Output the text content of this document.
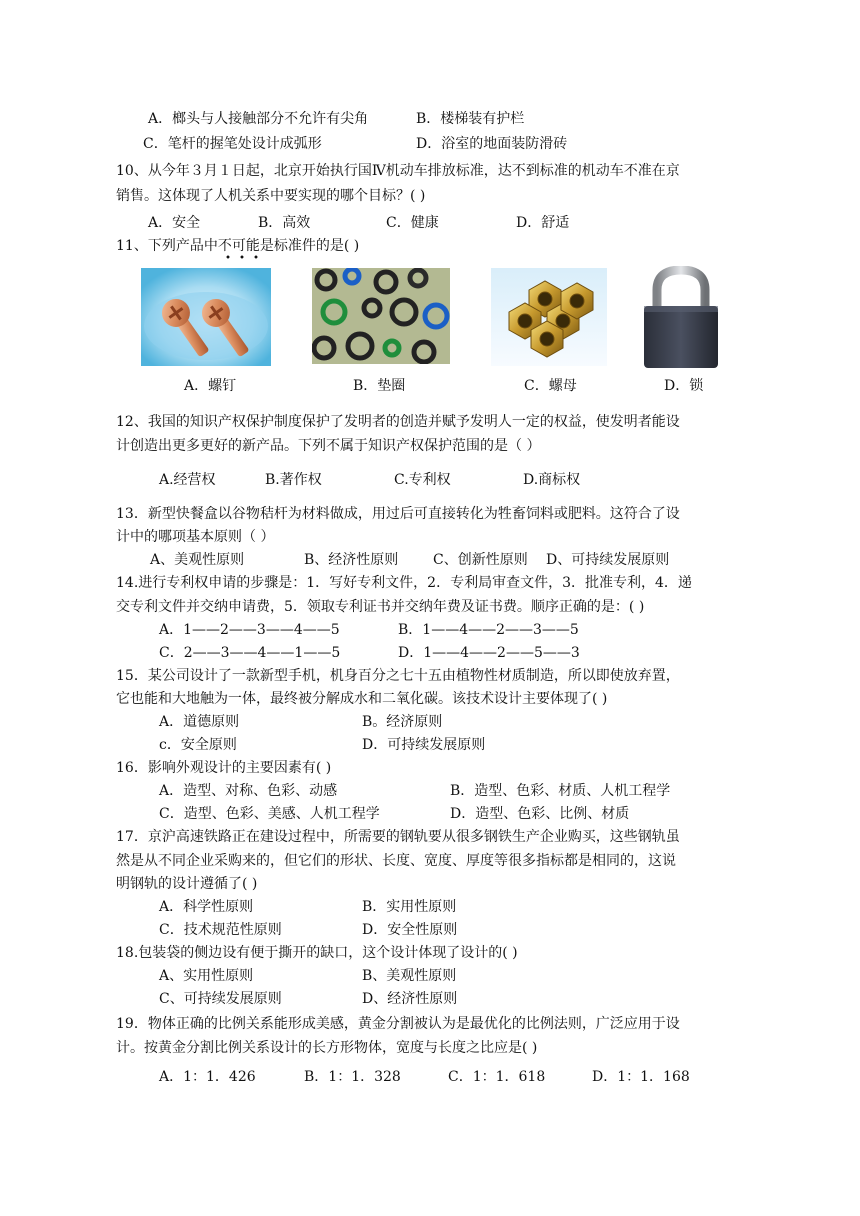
A．榔头与人接触部分不允许有尖角	B．楼梯装有护栏
C．笔杆的握笔处设计成弧形	D．浴室的地面装防滑砖
10、从今年３月１日起，北京开始执行国Ⅳ机动车排放标准，达不到标准的机动车不准在京
销售。这体现了人机关系中要实现的哪个目标？( )
A．安全	B．高效	C．健康	D．舒适
11、下列产品中不可能是标准件的是( )
A．螺钉	B．垫圈	C．螺母	D．锁
12、我国的知识产权保护制度保护了发明者的创造并赋予发明人一定的权益，使发明者能设
计创造出更多更好的新产品。下列不属于知识产权保护范围的是（ ）
A.经营权	B.著作权	C.专利权	D.商标权
13．新型快餐盒以谷物秸杆为材料做成，用过后可直接转化为牲畜饲料或肥料。这符合了设
计中的哪项基本原则（ ）
A、美观性原则	B、经济性原则 C、创新性原则 D、可持续发展原则
14.进行专利权申请的步骤是：1．写好专利文件，2．专利局审查文件，3．批准专利，4．递
交专利文件并交纳申请费，5．领取专利证书并交纳年费及证书费。顺序正确的是：( )
A．1——2——3——4——5	B．1——4——2——3——5
C．2——3——4——1——5	D．1——4——2——5——3
15．某公司设计了一款新型手机，机身百分之七十五由植物性材质制造，所以即使放弃置，
它也能和大地触为一体，最终被分解成水和二氧化碳。该技术设计主要体现了( )
A．道德原则	B。经济原则
c．安全原则	D．可持续发展原则
16．影响外观设计的主要因素有( )
A．造型、对称、色彩、动感	B．造型、色彩、材质、人机工程学
C．造型、色彩、美感、人机工程学	D．造型、色彩、比例、材质
17．京沪高速铁路正在建设过程中，所需要的钢轨要从很多钢铁生产企业购买，这些钢轨虽
然是从不同企业采购来的，但它们的形状、长度、宽度、厚度等很多指标都是相同的，这说
明钢轨的设计遵循了( )
A．科学性原则	B．实用性原则
C．技术规范性原则	D．安全性原则
18.包装袋的侧边设有便于撕开的缺口，这个设计体现了设计的( )
A、实用性原则	B、美观性原则
C、可持续发展原则	D、经济性原则
19．物体正确的比例关系能形成美感，黄金分割被认为是最优化的比例法则，广泛应用于设
计。按黄金分割比例关系设计的长方形物体，宽度与长度之比应是( )
A．1：1．426	B．1：1．328	C．1：1．618	D．1：1．168
